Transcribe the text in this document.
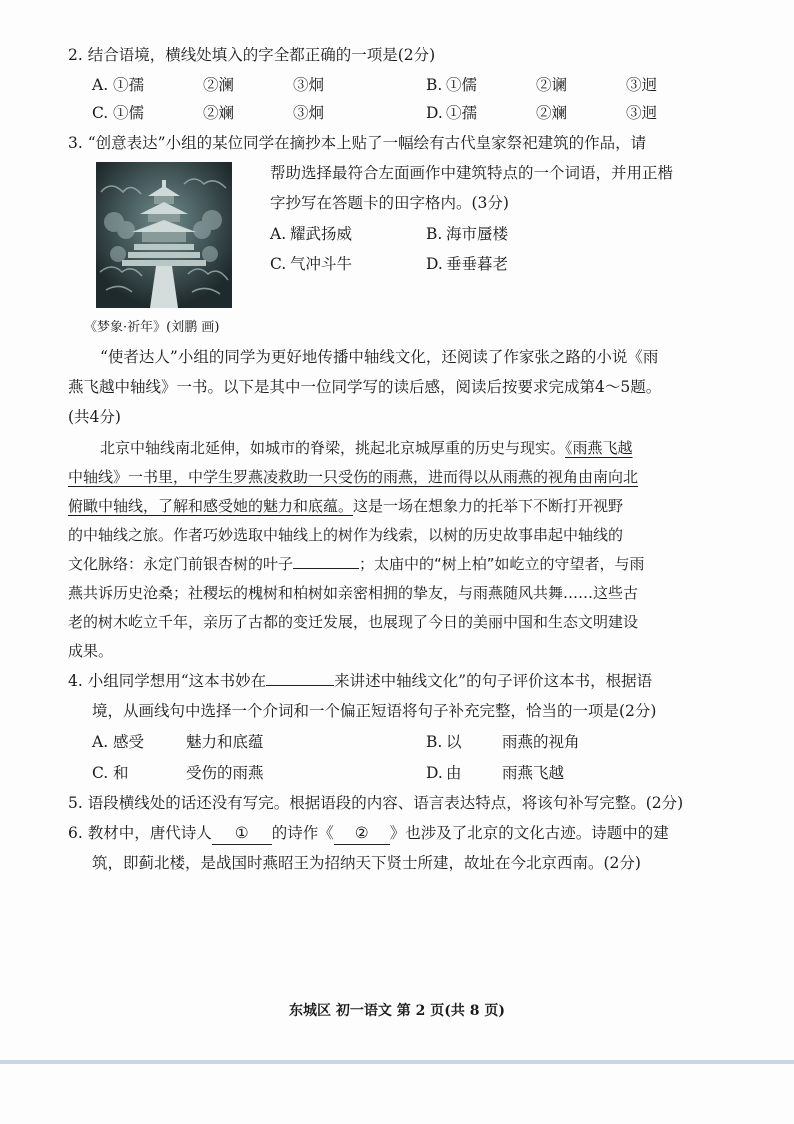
2. 结合语境，横线处填入的字全都正确的一项是(2分)
A. ①孺	②澜	③炯	B. ①儒	②谰	③迥
C. ①儒	②斓	③炯	D. ①孺	②斓	③迥
3. “创意表达”小组的某位同学在摘抄本上贴了一幅绘有古代皇家祭祀建筑的作品，请
《梦象·祈年》(刘鹏 画)
帮助选择最符合左面画作中建筑特点的一个词语，并用正楷
字抄写在答题卡的田字格内。(3分)
A. 耀武扬威	B. 海市蜃楼
C. 气冲斗牛	D. 垂垂暮老
“使者达人”小组的同学为更好地传播中轴线文化，还阅读了作家张之路的小说《雨
燕飞越中轴线》一书。以下是其中一位同学写的读后感，阅读后按要求完成第4～5题。
(共4分)
北京中轴线南北延伸，如城市的脊梁，挑起北京城厚重的历史与现实。《雨燕飞越
中轴线》一书里，中学生罗燕凌救助一只受伤的雨燕，进而得以从雨燕的视角由南向北
俯瞰中轴线，了解和感受她的魅力和底蕴。这是一场在想象力的托举下不断打开视野
的中轴线之旅。作者巧妙选取中轴线上的树作为线索，以树的历史故事串起中轴线的
文化脉络：永定门前银杏树的叶子	；太庙中的“树上柏”如屹立的守望者，与雨
燕共诉历史沧桑；社稷坛的槐树和柏树如亲密相拥的挚友，与雨燕随风共舞……这些古
老的树木屹立千年，亲历了古都的变迁发展，也展现了今日的美丽中国和生态文明建设
成果。
4. 小组同学想用“这本书妙在	来讲述中轴线文化”的句子评价这本书，根据语
境，从画线句中选择一个介词和一个偏正短语将句子补充完整，恰当的一项是(2分)
A. 感受	魅力和底蕴	B. 以	雨燕的视角
C. 和	受伤的雨燕	D. 由	雨燕飞越
5. 语段横线处的话还没有写完。根据语段的内容、语言表达特点，将该句补写完整。(2分)
6. 教材中，唐代诗人 ① 的诗作《 ② 》也涉及了北京的文化古迹。诗题中的建
筑，即蓟北楼，是战国时燕昭王为招纳天下贤士所建，故址在今北京西南。(2分)
东城区 初一语文 第 2 页(共 8 页)
